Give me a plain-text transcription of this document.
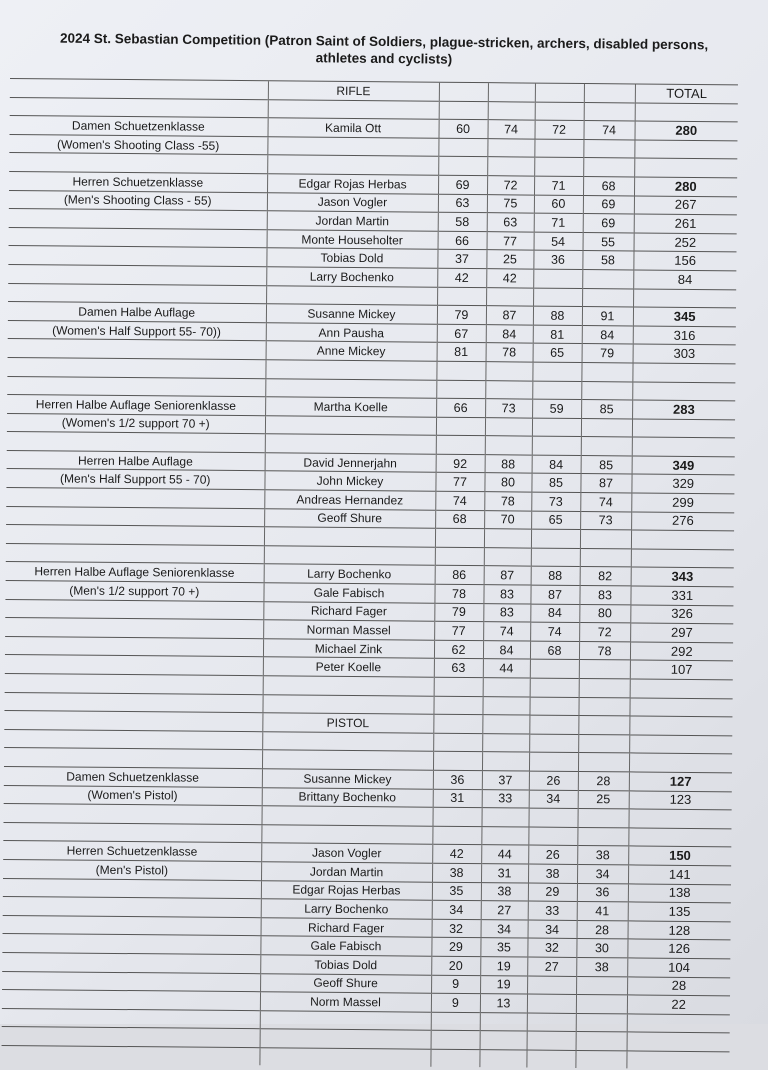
2024 St. Sebastian Competition (Patron Saint of Soldiers, plague-stricken, archers, disabled persons,
athletes and cyclists)
	RIFLE					TOTAL

Damen Schuetzenklasse	Kamila Ott	60	74	72	74	280
(Women's Shooting Class -55)						

Herren Schuetzenklasse	Edgar Rojas Herbas	69	72	71	68	280
(Men's Shooting Class - 55)	Jason Vogler	63	75	60	69	267
	Jordan Martin	58	63	71	69	261
	Monte Householter	66	77	54	55	252
	Tobias Dold	37	25	36	58	156
	Larry Bochenko	42	42			84

Damen Halbe Auflage	Susanne Mickey	79	87	88	91	345
(Women's Half Support 55- 70))	Ann Pausha	67	84	81	84	316
	Anne Mickey	81	78	65	79	303

Herren Halbe Auflage Seniorenklasse	Martha Koelle	66	73	59	85	283
(Women's 1/2 support 70 +)						

Herren Halbe Auflage	David Jennerjahn	92	88	84	85	349
(Men's Half Support 55 - 70)	John Mickey	77	80	85	87	329
	Andreas Hernandez	74	78	73	74	299
	Geoff Shure	68	70	65	73	276

Herren Halbe Auflage Seniorenklasse	Larry Bochenko	86	87	88	82	343
(Men's 1/2 support 70 +)	Gale Fabisch	78	83	87	83	331
	Richard Fager	79	83	84	80	326
	Norman Massel	77	74	74	72	297
	Michael Zink	62	84	68	78	292
	Peter Koelle	63	44			107

	PISTOL					

Damen Schuetzenklasse	Susanne Mickey	36	37	26	28	127
(Women's Pistol)	Brittany Bochenko	31	33	34	25	123

Herren Schuetzenklasse	Jason Vogler	42	44	26	38	150
(Men's Pistol)	Jordan Martin	38	31	38	34	141
	Edgar Rojas Herbas	35	38	29	36	138
	Larry Bochenko	34	27	33	41	135
	Richard Fager	32	34	34	28	128
	Gale Fabisch	29	35	32	30	126
	Tobias Dold	20	19	27	38	104
	Geoff Shure	9	19			28
	Norm Massel	9	13			22
